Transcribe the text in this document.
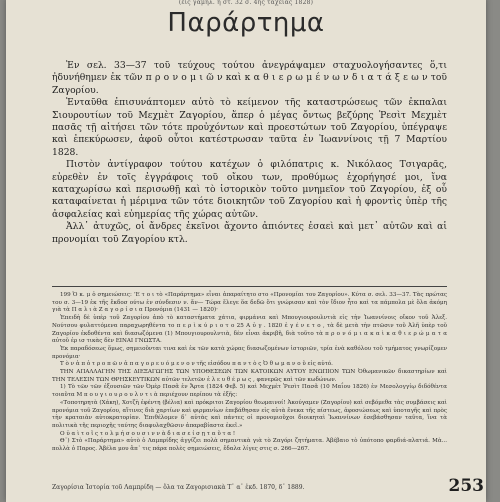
(εἰς γαμηλ. ἡ στ. 32 σ. 4ης ταχείας 1828)
Παράρτημα

Ἐν σελ. 33—37 τοῦ τεύχους τούτου ἀνεγράψαμεν σταχυολογήσαντες ὅ,τι ἠδυνήθημεν ἐκ τῶν π ρ ο ν ο μ ι ῶ ν καὶ κ α θ ι ε ρ ω μ έ ν ω ν δ ι α τ ά ξ ε ω ν τοῦ Ζαγορίου.

Ἐνταῦθα ἐπισυνάπτομεν αὐτὸ τὸ κείμενον τῆς καταστρώσεως τῶν ἐκπαλαι Σιουρουτίων τοῦ Μεχμὲτ Ζαγορίου, ἅπερ ὁ μέγας ὄντως βεζύρης Ῥεσὶτ Μεχμὲτ πασᾶς τῇ αἰτήσει τῶν τότε προὐχόντων καὶ προεστώτων τοῦ Ζαγορίου, ὑπέγραψε καὶ ἐπεκύρωσεν, ἀφοῦ οὗτοι κατέστρωσαν ταῦτα ἐν Ἰωαννίνοις τῇ 7 Μαρτίου 1828.

Πιστὸν ἀντίγραφον τούτου κατέχων ὁ φιλόπατρις κ. Νικόλαος Τσιγαρᾶς, εὑρεθὲν ἐν τοῖς ἐγγράφοις τοῦ οἴκου των, προθύμως ἐχορήγησέ μοι, ἵνα καταχωρίσω καὶ περισωθῇ καὶ τὸ ἱστορικὸν τοῦτο μνημεῖον τοῦ Ζαγορίου, ἐξ οὗ καταφαίνεται ἡ μέριμνα τῶν τότε διοικητῶν τοῦ Ζαγορίου καὶ ἡ φροντὶς ὑπὲρ τῆς ἀσφαλείας καὶ εὐημερίας τῆς χώρας αὐτῶν.

Ἀλλ᾽ ἀτυχῶς, οἱ ἄνδρες ἐκεῖνοι ἄχοντο ἀπιόντες ἐσαεὶ καὶ μετ᾽ αὐτῶν καὶ αἱ προνομίαι τοῦ Ζαγορίου κτλ.

199 Ὁ κ. μ ὁ σημειώσεις: ’Ε τ ο ι τὸ «Παράρτημα» εἶναι ἀπαραίτητο στο «Προνομίαι του Ζαγορίου». Κύτα σ. σελ. 33—37. Τὰς πρώτας του σ. 3—19 ἐκ τῆς ἔκδοσ ούτω ἐν σύνδεσιν ν. ἄν— Τώρα ἔλεγε ὅα δεδῶ ὅτι γνώρισαν καὶ τὸν ἴδιον ἦτο καὶ τα πάμπολα μὲ ὅλα ἀκόμη γιὰ τὰ Π α λ ι ὰ Ζ α γ ο ρ ί σ ι α Προνόμια (1431 — 1820)·

Ἐπειδὴ δὲ ὑπὲρ τοῦ Ζαγορίου ἀπὸ τὸ καταστήματα χάτια, φιρμάνια καὶ Μπουγιουρουλντιὰ εἰς τὴν Ἰωαννίνοις οἴκον τοῦ Ἀλεξ. Νούτσου φυλαττόμενα παραχωρηθέντα το π ε ρ ὶ κ ύ ρ ι ο τ ο 25 Α ὐ γ . 1820 ἐ γ έ ν ε τ ο , τὰ δὲ μετὰ τὴν πτῶσιν τοῦ Ἀλῆ ὑπὲρ τοῦ Ζαγορίου ἐκδοθέντα καὶ διασωζόμενα (1) Μπουγιουρουλντιὰ, δὲν εἶναι ἀκριβῆ, διὰ τοῦτο τὰ π ρ ο ν ό μ ι α κ α ὶ κ α θ ι ε ρ ώ μ α τ α αὐτοῦ ἐρ ισ τικὰς δὲν ΕΙΝΑΙ ΓΝΩΣΤΑ.

Ἐκ παραδόσεως ὅμως, σημειοῦνται τινα καὶ ἐκ τῶν κατὰ χώρας διασωζομένων ἱστοριῶν, τρία ἑνὰ καθόλου τοῦ τμήματος γνωρίζομεν προνόμια·

Τ ὸ ν ἀ π ὀ τ ρ ο π ῶ ν ἀ π α γ ο ρ ε υ ό μ ε ν ο ν τῆς εἰσόδου π α ν τ ὸ ς Ὀ θ ω μ α ν ο ῦ εἰς αὐτό.

ΤΗΝ ΑΠΑΛΛΑΓΗΝ ΤΗΣ ΔΙΕΞΑΓΩΓΗΣ ΤΩΝ ΥΠΟΘΕΣΕΩΝ ΤΩΝ ΚΑΤΟΙΚΩΝ ΑΥΤΟΥ ΕΝΩΠΙΟΝ ΤΩΝ Ὀθωμανικῶν δικαστηρίων καὶ ΤΗΝ ΤΕΛΕΣΙΝ ΤΩΝ ΘΡΗΣΚΕΥΤΙΚΩΝ αὐτῶν τελετῶν ἐ λ ε υ θ έ ρ ω ς , φανερῶς καὶ τῶν κωδώνων.

1) Τὸ τῶν τῶν ἐξουσιῶν τῶν Ὀμὲρ Πασᾶ ἐν Ἄρτα (1824 Φεβ. 5) καὶ Μεχμὲτ Ῥεσὶτ Πασᾶ (10 Μαΐου 1826) ἐν Μεσολογγίῳ διδόθέντα τοιαῦτα Μ π ο υ γ ι ο υ ρ ο υ λ ν τ ι ὰ περιέχουν περίπου τὰ ἑξῆς:

«Τοποτηρητὰ (Χάκη), Χοτζὴ ἐφέντη (βέλια) καὶ πρόκριτοι Ζαγορίου θεωμαινοί! Ἀκούγαμεν (Ζαγορίου) καὶ σεβόμεθα τὰς συμβάσεις καὶ προνόμια τοῦ Ζαγορίου, αἵτινες διὰ χαρτίων καὶ φιρμανίων ἐπεβάθησαν εἰς αὐτὰ ἕνεκα τῆς πίστεως, ἀφοσιώσεως καὶ ὑποταγῆς καὶ πρὸς τὴν κραταιὰν αὐτοκρατορίαν. Ἐπιθέλομεν δ᾽ αὐτὰς καὶ πάντες οἱ προνομιοῦχοι διοικηταὶ Ἰωαννίνων ἐσεβάσθησαν ταῦτα, ἵνα τὰ πολιτικὰ τῆς περιοχῆς ταύτης διαφυλαχθῶσιν ἀπαραβίαστα ἐκεῖ.»

Ο ὐ α ὶ τ ο ῖ ς τ ο λ μ ή σ ο υ σ ι ν ν ὰ δ ι α σ ε ί σ ῃ τ α ῦ τ α !

Θ᾽) Στὸ «Παράρτημα» αὐτὸ ὁ Λαμπρίδης ἀγγίζει πολὰ σημαντικὰ γιὰ τὸ Ζαγόρι ζητήματα. Ἀβέβαιο τὸ ὑπότοπο φαρδιά-πλατιά. Μὰ... πολλὰ ὁ Παρος. Ἀβέλα μου ἄπ᾽ τις πάρα πολὲς σημειώσεις, ἔδαλα λίγες στις σ. 266—267.

Ζαγορίσια Ἱστορία τοῦ Λαμπρίδη — ὅλα τα Ζαγορισιακὰ Τ᾽ α᾽ ἐκδ. 1870, δ᾽ 1889.	253
